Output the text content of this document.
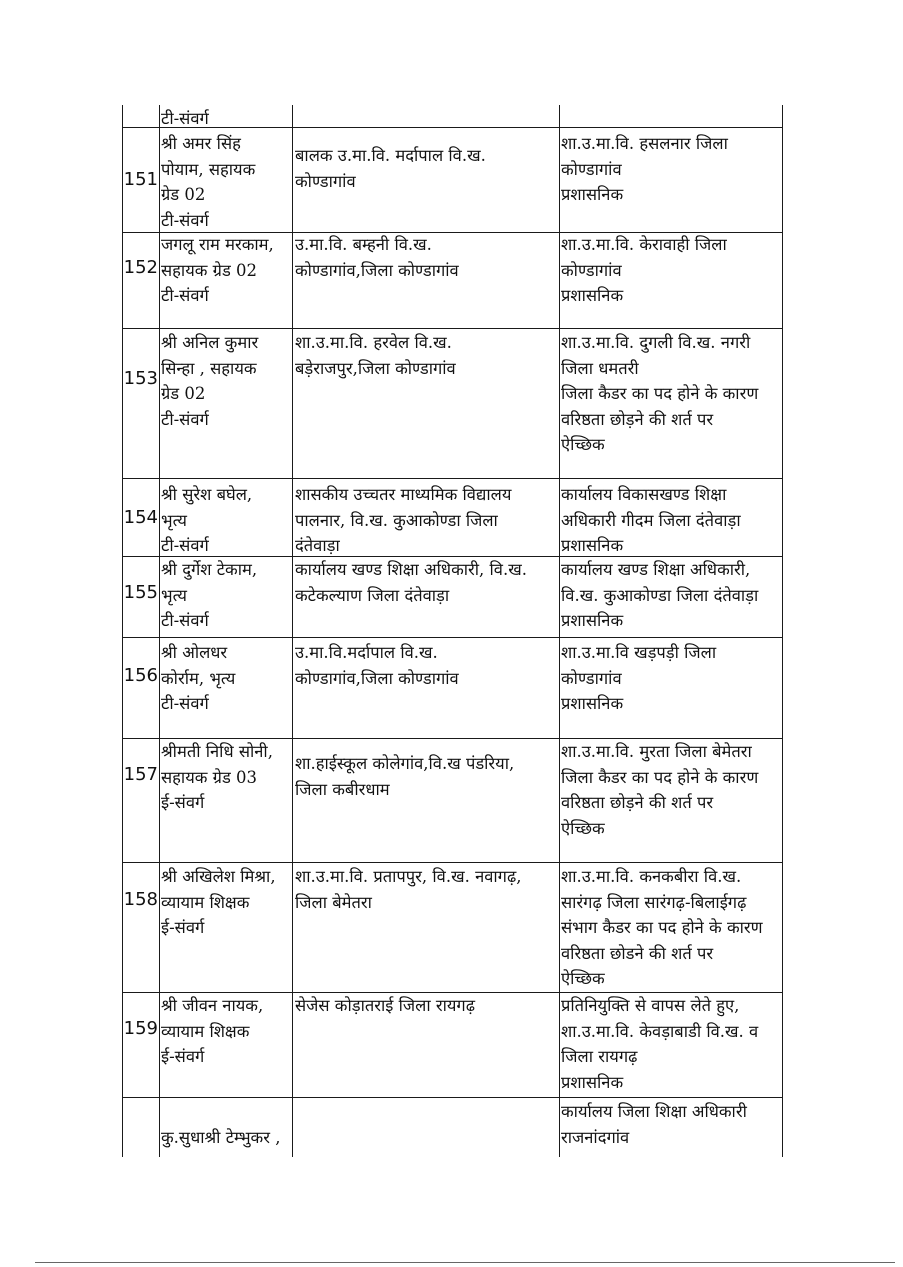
टी-संवर्ग
151
श्री अमर सिंह
पोयाम, सहायक
ग्रेड 02
टी-संवर्ग
बालक उ.मा.वि. मर्दापाल वि.ख.
कोण्डागांव
शा.उ.मा.वि. हसलनार जिला
कोण्डागांव
प्रशासनिक
152
जगलू राम मरकाम,
सहायक ग्रेड 02
टी-संवर्ग
उ.मा.वि. बम्हनी वि.ख.
कोण्डागांव,जिला कोण्डागांव
शा.उ.मा.वि. केरावाही जिला
कोण्डागांव
प्रशासनिक
153
श्री अनिल कुमार
सिन्हा , सहायक
ग्रेड 02
टी-संवर्ग
शा.उ.मा.वि. हरवेल वि.ख.
बड़ेराजपुर,जिला कोण्डागांव
शा.उ.मा.वि. दुगली वि.ख. नगरी
जिला धमतरी
जिला कैडर का पद होने के कारण
वरिष्ठता छोड़ने की शर्त पर
ऐच्छिक
154
श्री सुरेश बघेल,
भृत्य
टी-संवर्ग
शासकीय उच्चतर माध्यमिक विद्यालय
पालनार, वि.ख. कुआकोण्डा जिला
दंतेवाड़ा
कार्यालय विकासखण्ड शिक्षा
अधिकारी गीदम जिला दंतेवाड़ा
प्रशासनिक
155
श्री दुर्गेश टेकाम,
भृत्य
टी-संवर्ग
कार्यालय खण्ड शिक्षा अधिकारी, वि.ख.
कटेकल्याण जिला दंतेवाड़ा
कार्यालय खण्ड शिक्षा अधिकारी,
वि.ख. कुआकोण्डा जिला दंतेवाड़ा
प्रशासनिक
156
श्री ओलधर
कोर्राम, भृत्य
टी-संवर्ग
उ.मा.वि.मर्दापाल वि.ख.
कोण्डागांव,जिला कोण्डागांव
शा.उ.मा.वि खड़पड़ी जिला
कोण्डागांव
प्रशासनिक
157
श्रीमती निधि सोनी,
सहायक ग्रेड 03
ई-संवर्ग
शा.हाईस्कूल कोलेगांव,वि.ख पंडरिया,
जिला कबीरधाम
शा.उ.मा.वि. मुरता जिला बेमेतरा
जिला कैडर का पद होने के कारण
वरिष्ठता छोड़ने की शर्त पर
ऐच्छिक
158
श्री अखिलेश मिश्रा,
व्यायाम शिक्षक
ई-संवर्ग
शा.उ.मा.वि. प्रतापपुर, वि.ख. नवागढ़,
जिला बेमेतरा
शा.उ.मा.वि. कनकबीरा वि.ख.
सारंगढ़ जिला सारंगढ़-बिलाईगढ़
संभाग कैडर का पद होने के कारण
वरिष्ठता छोडने की शर्त पर
ऐच्छिक
159
श्री जीवन नायक,
व्यायाम शिक्षक
ई-संवर्ग
सेजेस कोड़ातराई जिला रायगढ़	प्रतिनियुक्ति से वापस लेते हुए,
शा.उ.मा.वि. केवड़ाबाडी वि.ख. व
जिला रायगढ़
प्रशासनिक
कु.सुधाश्री टेम्भुकर ,
कार्यालय जिला शिक्षा अधिकारी
राजनांदगांव
